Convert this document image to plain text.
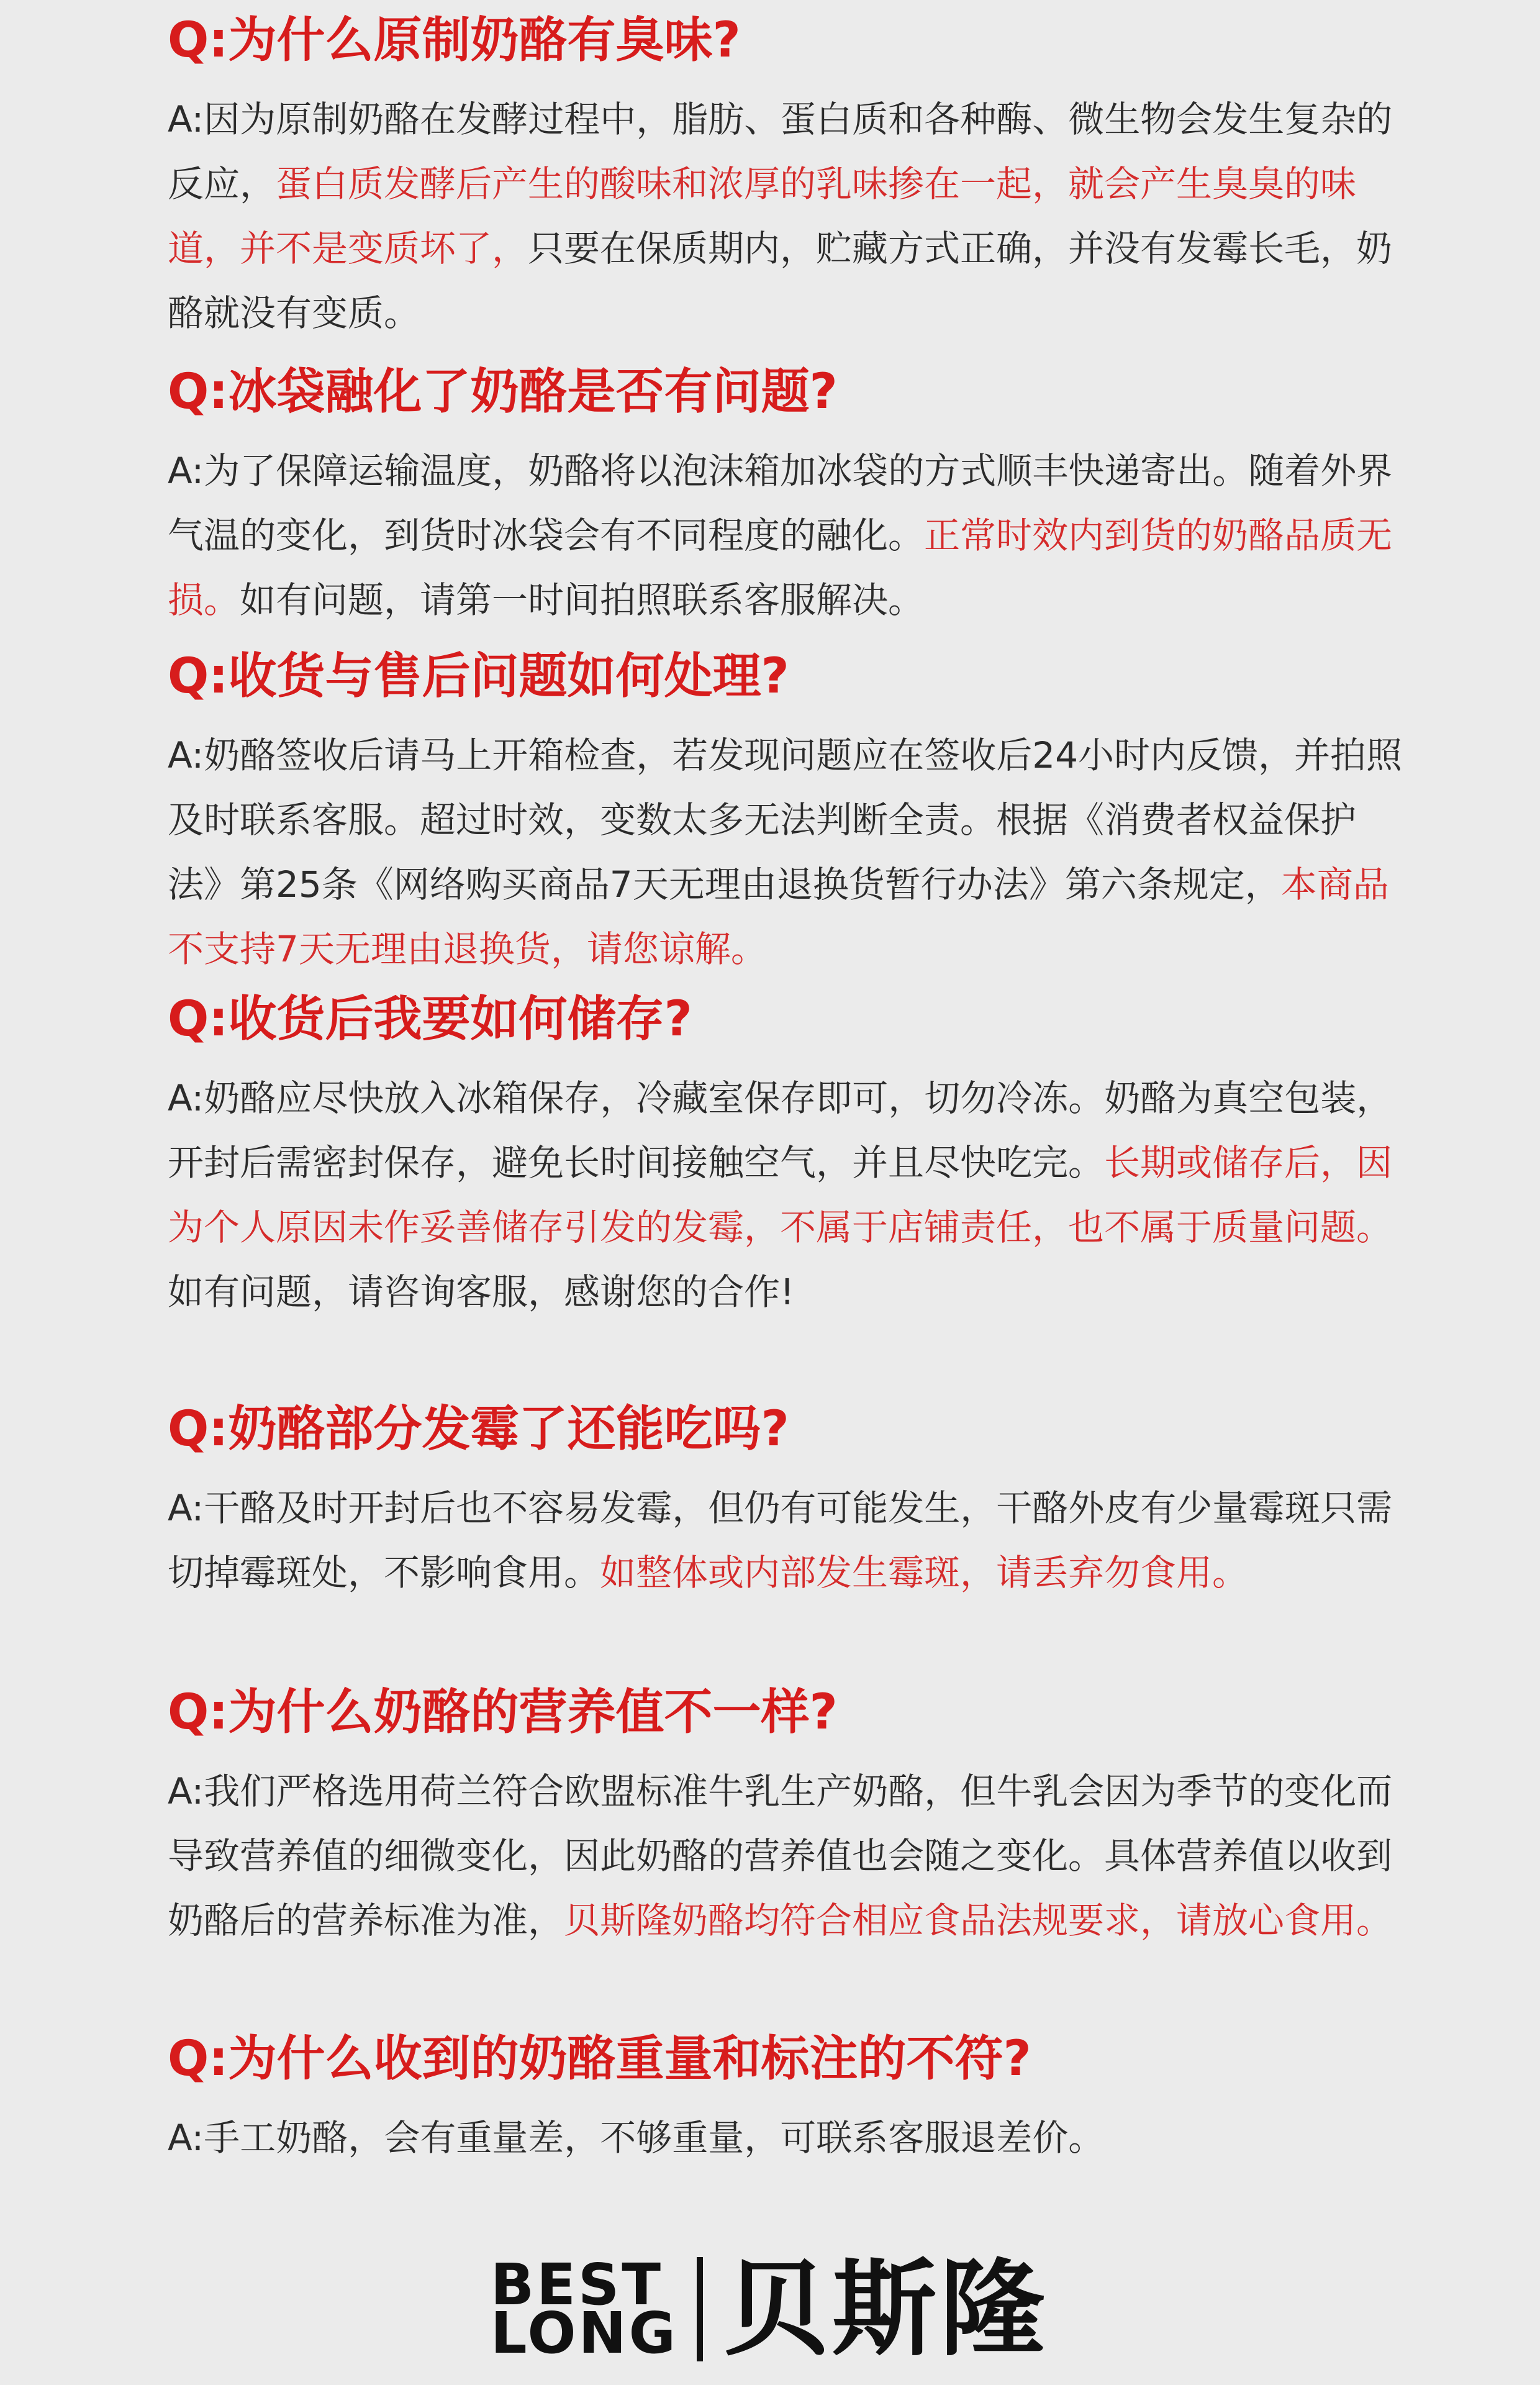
Q:为什么原制奶酪有臭味?

A:因为原制奶酪在发酵过程中，脂肪、蛋白质和各种酶、微生物会发生复杂的反应，蛋白质发酵后产生的酸味和浓厚的乳味掺在一起，就会产生臭臭的味道，并不是变质坏了，只要在保质期内，贮藏方式正确，并没有发霉长毛，奶酪就没有变质。

Q:冰袋融化了奶酪是否有问题?

A:为了保障运输温度，奶酪将以泡沫箱加冰袋的方式顺丰快递寄出。随着外界气温的变化，到货时冰袋会有不同程度的融化。正常时效内到货的奶酪品质无损。如有问题，请第一时间拍照联系客服解决。

Q:收货与售后问题如何处理?

A:奶酪签收后请马上开箱检查，若发现问题应在签收后24小时内反馈，并拍照及时联系客服。超过时效，变数太多无法判断全责。根据《消费者权益保护法》第25条《网络购买商品7天无理由退换货暂行办法》第六条规定，本商品不支持7天无理由退换货，请您谅解。

Q:收货后我要如何储存?

A:奶酪应尽快放入冰箱保存，冷藏室保存即可，切勿冷冻。奶酪为真空包装，开封后需密封保存，避免长时间接触空气，并且尽快吃完。长期或储存后，因为个人原因未作妥善储存引发的发霉，不属于店铺责任，也不属于质量问题。如有问题，请咨询客服，感谢您的合作!

Q:奶酪部分发霉了还能吃吗?

A:干酪及时开封后也不容易发霉，但仍有可能发生，干酪外皮有少量霉斑只需切掉霉斑处，不影响食用。如整体或内部发生霉斑，请丢弃勿食用。

Q:为什么奶酪的营养值不一样?

A:我们严格选用荷兰符合欧盟标准牛乳生产奶酪，但牛乳会因为季节的变化而导致营养值的细微变化，因此奶酪的营养值也会随之变化。具体营养值以收到奶酪后的营养标准为准，贝斯隆奶酪均符合相应食品法规要求，请放心食用。

Q:为什么收到的奶酪重量和标注的不符?

A:手工奶酪，会有重量差，不够重量，可联系客服退差价。

BEST
LONG 贝斯隆
